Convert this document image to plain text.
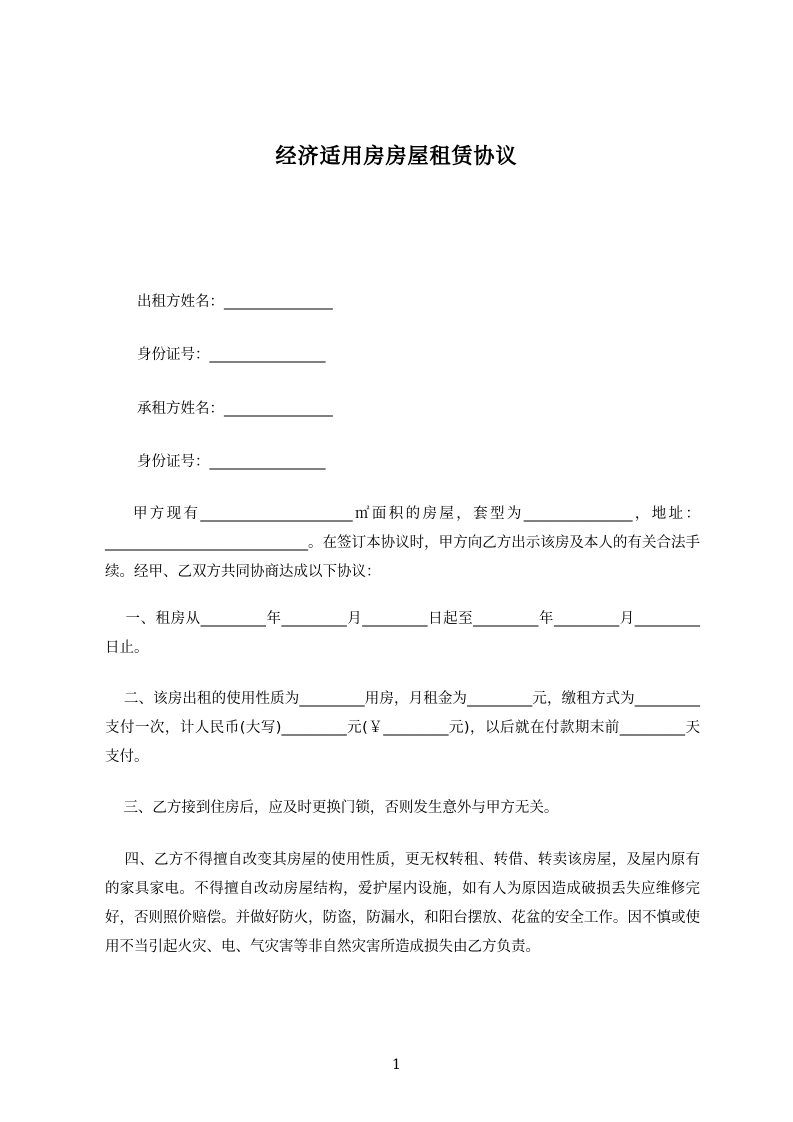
经济适用房房屋租赁协议

出租方姓名：_______________

身份证号：________________

承租方姓名：_______________

身份证号：________________

甲方现有_____________________㎡面积的房屋，套型为_______________，地址：____________________________。在签订本协议时，甲方向乙方出示该房及本人的有关合法手续。经甲、乙双方共同协商达成以下协议：

一、租房从_________年_________月_________日起至_________年_________月_________日止。

二、该房出租的使用性质为_________用房，月租金为_________元，缴租方式为_________支付一次，计人民币(大写)_________元(￥_________元)，以后就在付款期末前_________天支付。

三、乙方接到住房后，应及时更换门锁，否则发生意外与甲方无关。

四、乙方不得擅自改变其房屋的使用性质，更无权转租、转借、转卖该房屋，及屋内原有的家具家电。不得擅自改动房屋结构，爱护屋内设施，如有人为原因造成破损丢失应维修完好，否则照价赔偿。并做好防火，防盗，防漏水，和阳台摆放、花盆的安全工作。因不慎或使用不当引起火灾、电、气灾害等非自然灾害所造成损失由乙方负责。

1
